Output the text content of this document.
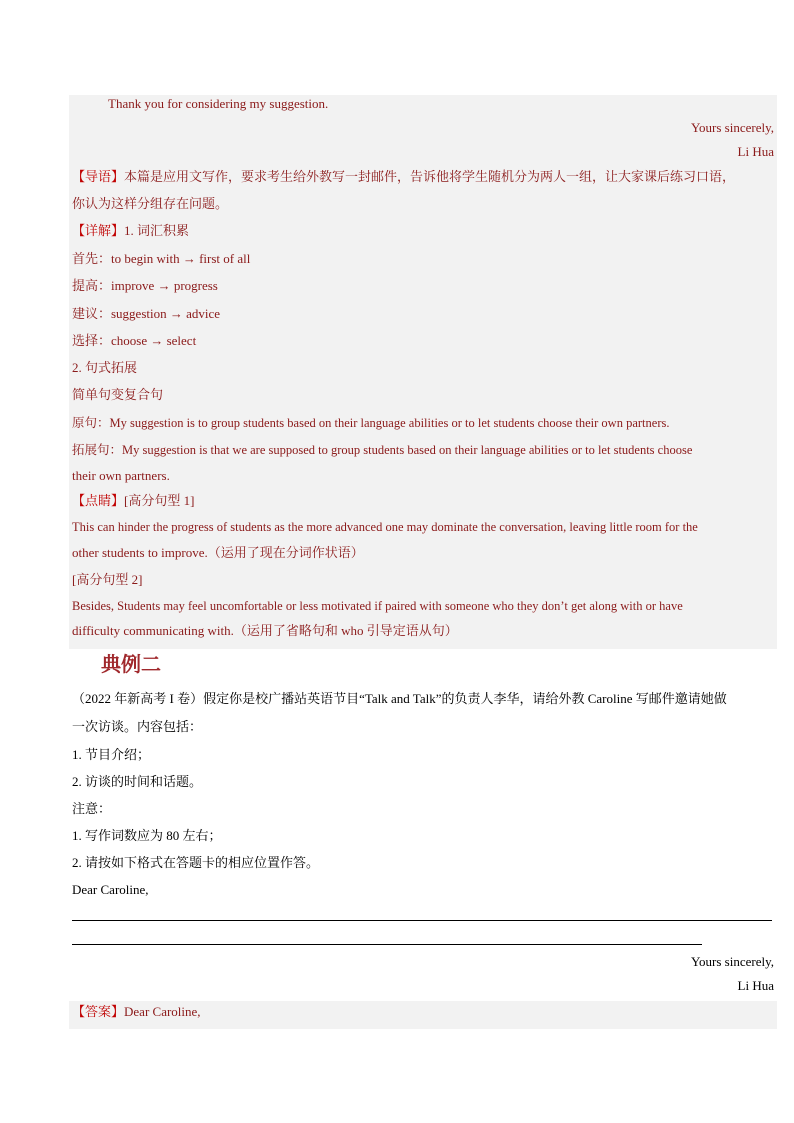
Thank you for considering my suggestion.
Yours sincerely,
Li Hua
【导语】本篇是应用文写作，要求考生给外教写一封邮件，告诉他将学生随机分为两人一组，让大家课后练习口语，
你认为这样分组存在问题。
【详解】1. 词汇积累
首先：to begin with → first of all
提高：improve → progress
建议：suggestion → advice
选择：choose → select
2. 句式拓展
简单句变复合句
原句：My suggestion is to group students based on their language abilities or to let students choose their own partners.
拓展句：My suggestion is that we are supposed to group students based on their language abilities or to let students choose
their own partners.
【点睛】[高分句型 1]
This can hinder the progress of students as the more advanced one may dominate the conversation, leaving little room for the
other students to improve.（运用了现在分词作状语）
[高分句型 2]
Besides, Students may feel uncomfortable or less motivated if paired with someone who they don’t get along with or have
difficulty communicating with.（运用了省略句和 who 引导定语从句）
典例二
（2022 年新高考 I 卷）假定你是校广播站英语节目“Talk and Talk”的负责人李华，请给外教 Caroline 写邮件邀请她做
一次访谈。内容包括：
1. 节目介绍；
2. 访谈的时间和话题。
注意：
1. 写作词数应为 80 左右；
2. 请按如下格式在答题卡的相应位置作答。
Dear Caroline,
Yours sincerely,
Li Hua
【答案】Dear Caroline,
